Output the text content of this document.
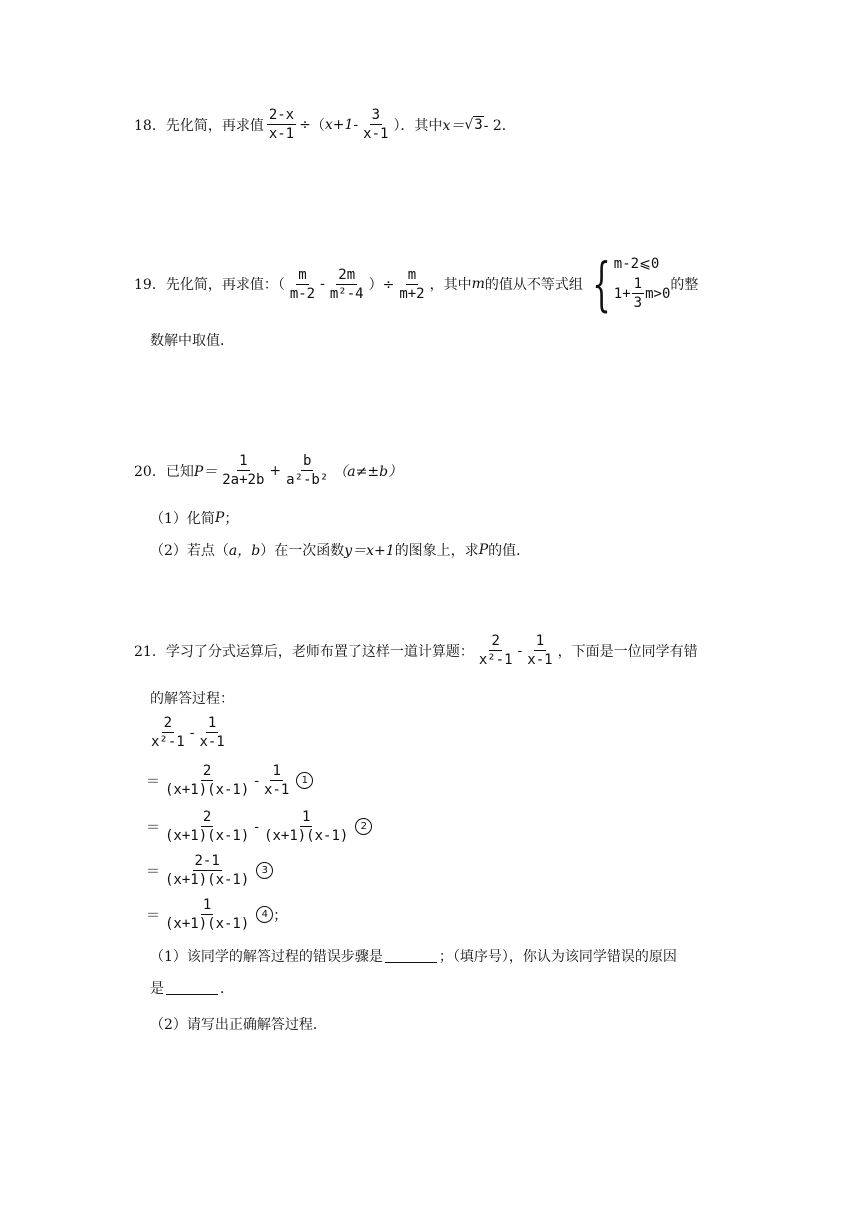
18． 先化简，再求值 $\frac{2-x}{x-1}$ ÷ （ $x+1 - \frac{3}{x-1}$ ）．其中 x＝ √ 3 - 2．
19． 先化简，再求值：（ $\frac{m}{m-2} - \frac{2m}{\text{m²-4}}$ ）÷ $\frac{m}{m+2}$ ，其中 m 的值从不等式组 { m-2⩽0
$1+ \frac{1}{3} m>0$
的整
数解中取值．
20． 已知 $P= \frac{1}{2a+2b} + \frac{b}{\text{a²-b²}} (a\ne\pm b)$
（1）化简 P ；
（2）若点（ a，b ）在一次函数 y＝x+1 的图象上，求 P 的值．
21． 学习了分式运算后，老师布置了这样一道计算题： $\frac{2}{\text{x²-1}} - \frac{1}{x-1}$ ，下面是一位同学有错
的解答过程：
$\frac{2}{\text{x²-1}} - \frac{1}{x-1}$
＝ $\frac{2}{(x+1)(x-1)} - \frac{1}{x-1}$	1
＝ $\frac{2}{(x+1)(x-1)} - \frac{1}{(x+1)(x-1)}$	2
＝ $\frac{2-1}{(x+1)(x-1)}$	3
＝ $\frac{1}{(x+1)(x-1)}$	4 ；
（1）该同学的解答过程的错误步骤是	；（填序号），你认为该同学错误的原因
是	．
（2）请写出正确解答过程．
